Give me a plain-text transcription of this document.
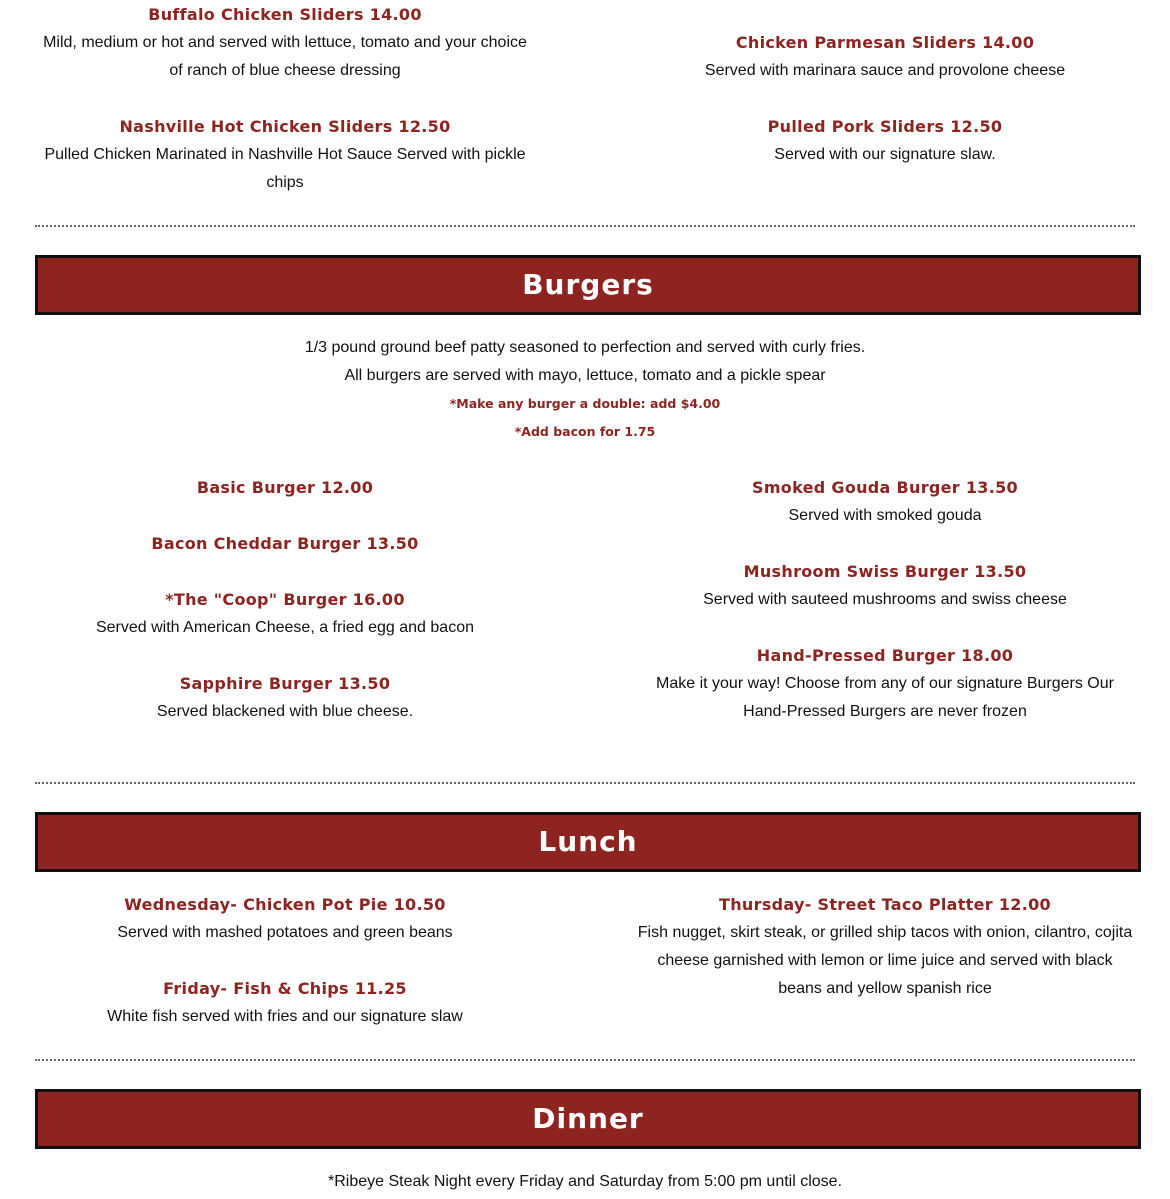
Buffalo Chicken Sliders 14.00
Mild, medium or hot and served with lettuce, tomato and your choice of ranch of blue cheese dressing
Nashville Hot Chicken Sliders 12.50
Pulled Chicken Marinated in Nashville Hot Sauce Served with pickle chips
Chicken Parmesan Sliders 14.00
Served with marinara sauce and provolone cheese
Pulled Pork Sliders 12.50
Served with our signature slaw.
Burgers
1/3 pound ground beef patty seasoned to perfection and served with curly fries.
All burgers are served with mayo, lettuce, tomato and a pickle spear
*Make any burger a double: add $4.00
*Add bacon for 1.75
Basic Burger 12.00
Bacon Cheddar Burger 13.50
*The "Coop" Burger 16.00
Served with American Cheese, a fried egg and bacon
Sapphire Burger 13.50
Served blackened with blue cheese.
Smoked Gouda Burger 13.50
Served with smoked gouda
Mushroom Swiss Burger 13.50
Served with sauteed mushrooms and swiss cheese
Hand-Pressed Burger 18.00
Make it your way! Choose from any of our signature Burgers Our Hand-Pressed Burgers are never frozen
Lunch
Wednesday- Chicken Pot Pie 10.50
Served with mashed potatoes and green beans
Friday- Fish & Chips 11.25
White fish served with fries and our signature slaw
Thursday- Street Taco Platter 12.00
Fish nugget, skirt steak, or grilled ship tacos with onion, cilantro, cojita cheese garnished with lemon or lime juice and served with black beans and yellow spanish rice
Dinner
*Ribeye Steak Night every Friday and Saturday from 5:00 pm until close.
